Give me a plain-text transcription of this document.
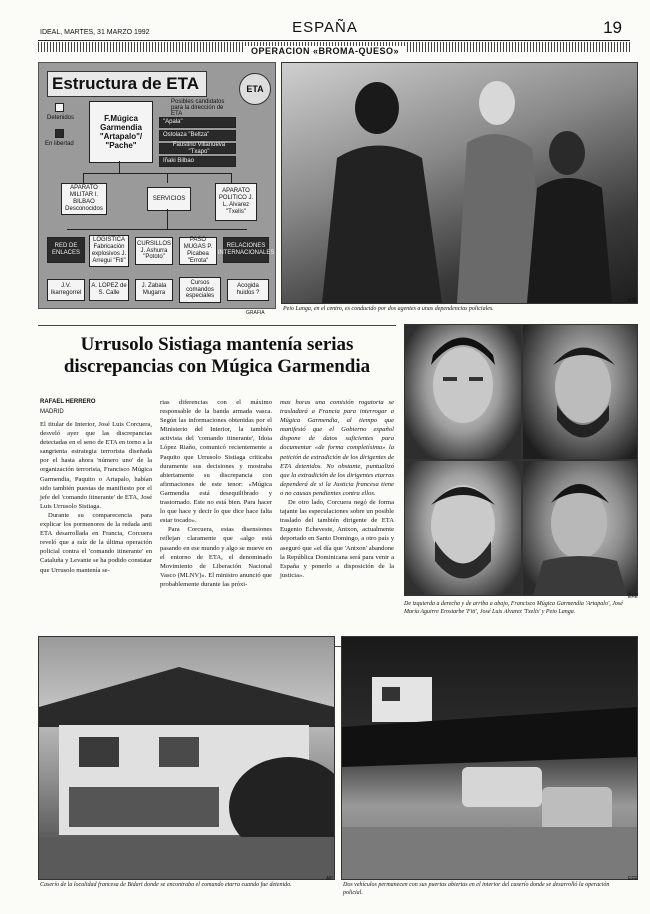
IDEAL, MARTES, 31 MARZO 1992	ESPAÑA	19
OPERACION «BROMA-QUESO»
Estructura de ETA	ETA
Detenidos
En libertad
F.Múgica Garmendia "Artapalo"/ "Pache"
Posibles candidatos para la dirección de ETA
"Apala"
Ostolaza "Beltza"
Faustino Villanueva "Txapo"
Iñaki Bilbao
APARATO MILITAR I. BILBAO Desconocidos
SERVICIOS
APARATO POLITICO J. L. Alvarez "Txelis"
RED DE ENLACES
LOGISTICA Fabricación explosivos J. Arregui "Fiti"
CURSILLOS J. Ashurra "Pototo"
PASO MUGAS P. Picabea "Errota"
RELACIONES INTERNACIONALES
J.V. Ikarregorrel
A. LOPEZ de S. Calle
J. Zabala Mugarra
Cursos comandos especiales
Acogida huidos ?
GRAFIA
Peio Langa, en el centro, es conducido por dos agentes a unas dependencias policiales.
EFE
Urrusolo Sistiaga mantenía serias
discrepancias con Múgica Garmendia
RAFAEL HERRERO
MADRID

El titular de Interior, José Luis Corcuera, desveló ayer que las discrepancias detectadas en el seno de ETA en torno a la sangrienta estrategia terrorista diseñada por el hasta ahora 'número uno' de la organización terrorista, Francisco Múgica Garmendia, Paquito o Artapalo, habían sido también puestas de manifiesto por el jefe del 'comando itinerante' de ETA, José Luis Urrusolo Sistiaga.

Durante su comparecencia para explicar los pormenores de la redada anti ETA desarrollada en Francia, Corcuera reveló que a raíz de la última operación policial contra el 'comando itinerante' en Cataluña y Levante se ha podido constatar que Urrusolo mantenía se-

rias diferencias con el máximo responsable de la banda armada vasca. Según las informaciones obtenidas por el Ministerio del Interior, la también activista del 'comando itinerante', Idoia López Riaño, comunicó recientemente a Paquito que Urrusolo Sistiaga criticaba duramente sus decisiones y mostraba abiertamente su discrepancia con afirmaciones de este tenor: «Múgica Garmendia está desequilibrado y trastornado. Este no está bien. Para hacer lo que hace y decir lo que dice hace falta estar tocado».

Para Corcuera, estas disensiones reflejan claramente que «algo está pasando en ese mundo y algo se mueve en el entorno de ETA, el denominado Movimiento de Liberación Nacional Vasco (MLNV)». El ministro anunció que probablemente durante las próxi-

mas horas una comisión rogatoria se trasladará a Francia para interrogar a Múgica Garmendia, al tiempo que manifestó que el Gobierno español dispone de datos suficientes para documentar «de forma completísima» la petición de extradición de los dirigentes de ETA detenidos. No obstante, puntualizó que la extradición de los dirigentes etarras dependerá de si la Justicia francesa tiene o no causas pendientes contra ellos.

De otro lado, Corcuera negó de forma tajante las especulaciones sobre un posible traslado del también dirigente de ETA Eugenio Echeveste, Antxon, actualmente deportado en Santo Domingo, a otro país y aseguró que «el día que 'Antxon' abandone la República Dominicana será para venir a España y ponerlo a disposición de la justicia».

De izquierda a derecha y de arriba a abajo, Francisco Múgica Garmendia 'Artapalo', José María Aguirre Erostarbe 'Fiti', José Luis Alvarez 'Txelis' y Peio Langa.
EFE
Caserío de la localidad francesa de Bidart donde se encontraba el comando etarra cuando fue detenido.
AP
Dos vehículos permanecen con sus puertas abiertas en el interior del caserío donde se desarrolló la operación policial.
EFE
